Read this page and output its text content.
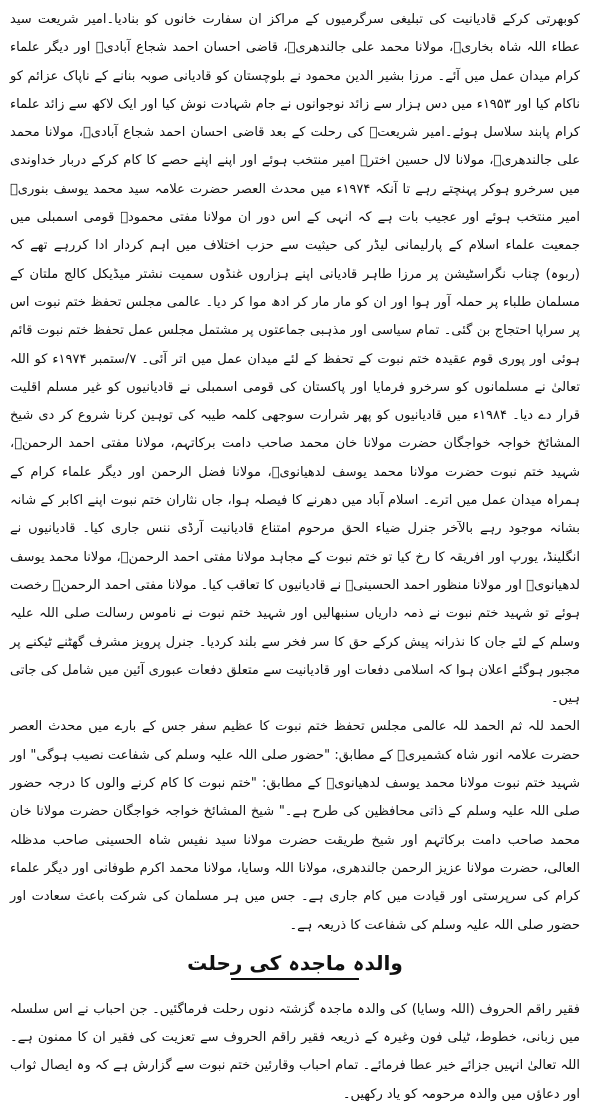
کوبھرتی کرکے قادیانیت کی تبلیغی سرگرمیوں کے مراکز ان سفارت خانوں کو بنادیا۔امیر شریعت سید عطاء اللہ شاہ بخاریؒ، مولانا محمد علی جالندھریؒ، قاضی احسان احمد شجاع آبادیؒ اور دیگر علماء کرام میدان عمل میں آئے۔ مرزا بشیر الدین محمود نے بلوچستان کو قادیانی صوبہ بنانے کے ناپاک عزائم کو ناکام کیا اور ۱۹۵۳ء میں دس ہزار سے زائد نوجوانوں نے جام شہادت نوش کیا اور ایک لاکھ سے زائد علماء کرام پابند سلاسل ہوئے۔امیر شریعتؒ کی رحلت کے بعد قاضی احسان احمد شجاع آبادیؒ، مولانا محمد علی جالندھریؒ، مولانا لال حسین اخترؒ امیر منتخب ہوئے اور اپنے اپنے حصے کا کام کرکے دربار خداوندی میں سرخرو ہوکر پہنچتے رہے تا آنکہ ۱۹۷۴ء میں محدث العصر حضرت علامہ سید محمد یوسف بنوریؒ امیر منتخب ہوئے اور عجیب بات ہے کہ انہی کے اس دور ان مولانا مفتی محمودؒ قومی اسمبلی میں جمعیت علماء اسلام کے پارلیمانی لیڈر کی حیثیت سے حزب اختلاف میں اہم کردار ادا کررہے تھے کہ (ربوہ) چناب نگراسٹیشن پر مرزا طاہر قادیانی اپنے ہزاروں غنڈوں سمیت نشتر میڈیکل کالج ملتان کے مسلمان طلباء پر حملہ آور ہوا اور ان کو مار مار کر ادھ موا کر دیا۔ عالمی مجلس تحفظ ختم نبوت اس پر سراپا احتجاج بن گئی۔ تمام سیاسی اور مذہبی جماعتوں پر مشتمل مجلس عمل تحفظ ختم نبوت قائم ہوئی اور پوری قوم عقیدہ ختم نبوت کے تحفظ کے لئے میدان عمل میں اتر آئی۔ ۷/ستمبر ۱۹۷۴ء کو اللہ تعالیٰ نے مسلمانوں کو سرخرو فرمایا اور پاکستان کی قومی اسمبلی نے قادیانیوں کو غیر مسلم اقلیت قرار دے دیا۔ ۱۹۸۴ء میں قادیانیوں کو پھر شرارت سوجھی کلمہ طیبہ کی توہین کرنا شروع کر دی شیخ المشائخ خواجہ خواجگان حضرت مولانا خان محمد صاحب دامت برکاتہم، مولانا مفتی احمد الرحمنؒ، شہید ختم نبوت حضرت مولانا محمد یوسف لدھیانویؒ، مولانا فضل الرحمن اور دیگر علماء کرام کے ہمراہ میدان عمل میں اترے۔ اسلام آباد میں دھرنے کا فیصلہ ہوا، جاں نثاران ختم نبوت اپنے اکابر کے شانہ بشانہ موجود رہے بالآخر جنرل ضیاء الحق مرحوم امتناع قادیانیت آرڈی ننس جاری کیا۔ قادیانیوں نے انگلینڈ، یورپ اور افریقہ کا رخ کیا تو ختم نبوت کے مجاہد مولانا مفتی احمد الرحمنؒ، مولانا محمد یوسف لدھیانویؒ اور مولانا منظور احمد الحسینیؒ نے قادیانیوں کا تعاقب کیا۔ مولانا مفتی احمد الرحمنؒ رخصت ہوئے تو شہید ختم نبوت نے ذمہ داریاں سنبھالیں اور شہید ختم نبوت نے ناموس رسالت صلی اللہ علیہ وسلم کے لئے جان کا نذرانہ پیش کرکے حق کا سر فخر سے بلند کردیا۔ جنرل پرویز مشرف گھٹنے ٹیکنے پر مجبور ہوگئے اعلان ہوا کہ اسلامی دفعات اور قادیانیت سے متعلق دفعات عبوری آئین میں شامل کی جاتی ہیں۔

الحمد للہ ثم الحمد للہ عالمی مجلس تحفظ ختم نبوت کا عظیم سفر جس کے بارے میں محدث العصر حضرت علامہ انور شاہ کشمیریؒ کے مطابق: "حضور صلی اللہ علیہ وسلم کی شفاعت نصیب ہوگی" اور شہید ختم نبوت مولانا محمد یوسف لدھیانویؒ کے مطابق: "ختم نبوت کا کام کرنے والوں کا درجہ حضور صلی اللہ علیہ وسلم کے ذاتی محافظین کی طرح ہے۔" شیخ المشائخ خواجہ خواجگان حضرت مولانا خان محمد صاحب دامت برکاتہم اور شیخ طریقت حضرت مولانا سید نفیس شاہ الحسینی صاحب مدظلہ العالی، حضرت مولانا عزیز الرحمن جالندھری، مولانا اللہ وسایا، مولانا محمد اکرم طوفانی اور دیگر علماء کرام کی سرپرستی اور قیادت میں کام جاری ہے۔ جس میں ہر مسلمان کی شرکت باعث سعادت اور حضور صلی اللہ علیہ وسلم کی شفاعت کا ذریعہ ہے۔

والدہ ماجدہ کی رحلت

فقیر راقم الحروف (اللہ وسایا) کی والدہ ماجدہ گزشتہ دنوں رحلت فرماگئیں۔ جن احباب نے اس سلسلہ میں زبانی، خطوط، ٹیلی فون وغیرہ کے ذریعہ فقیر راقم الحروف سے تعزیت کی فقیر ان کا ممنون ہے۔ اللہ تعالیٰ انہیں جزائے خیر عطا فرمائے۔ تمام احباب وقارئین ختم نبوت سے گزارش ہے کہ وہ ایصال ثواب اور دعاؤں میں والدہ مرحومہ کو یاد رکھیں۔
